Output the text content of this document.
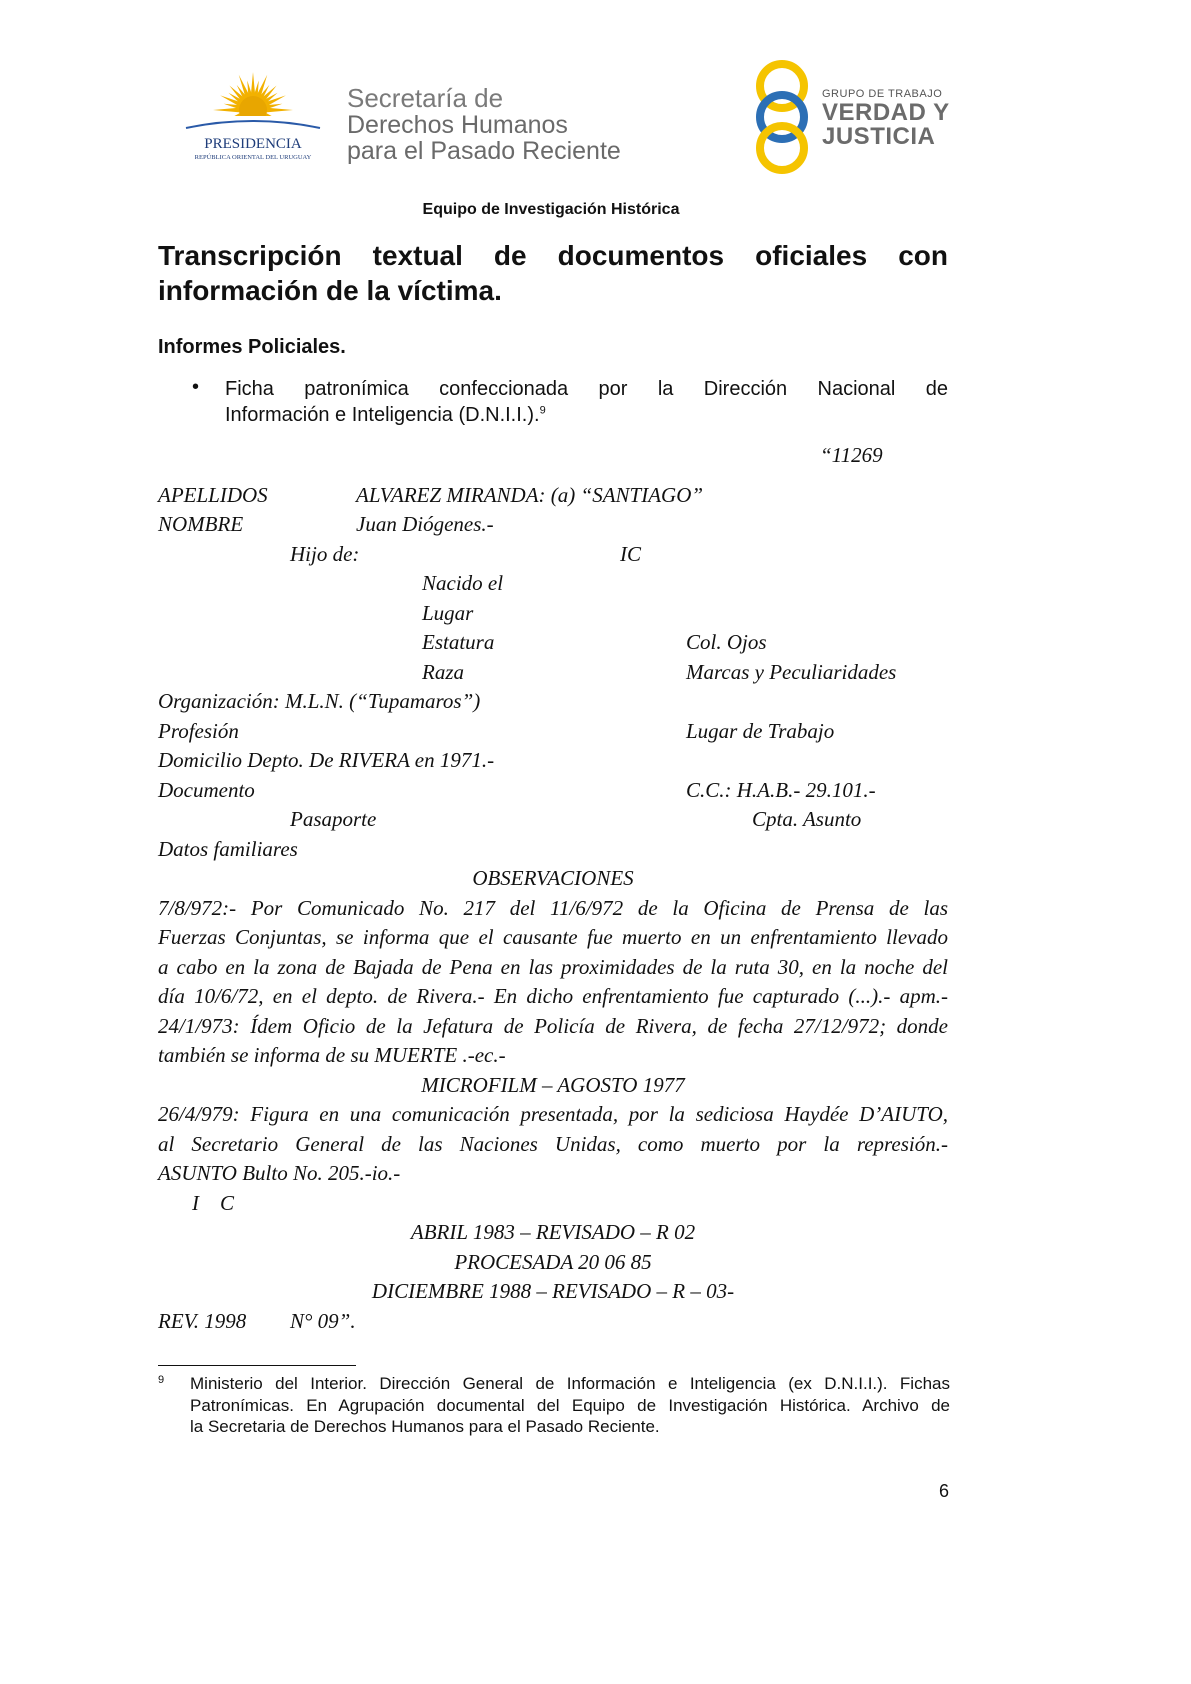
PRESIDENCIA
REPÚBLICA ORIENTAL DEL URUGUAY
Secretaría de
Derechos Humanos
para el Pasado Reciente
GRUPO DE TRABAJO
VERDAD Y
JUSTICIA
Equipo de Investigación Histórica
Transcripción textual de documentos oficiales con
información de la víctima.
Informes Policiales.
• Ficha patronímica confeccionada por la Dirección Nacional de
Información e Inteligencia (D.N.I.I.).$^9$
“11269
APELLIDOS	ALVAREZ MIRANDA: (a) “SANTIAGO”
NOMBRE	Juan Diógenes.-
Hijo de:	IC
Nacido el
Lugar
Estatura	Col. Ojos
Raza	Marcas y Peculiaridades
Organización: M.L.N. (“Tupamaros”)
Profesión	Lugar de Trabajo
Domicilio Depto. De RIVERA en 1971.-
Documento	C.C.: H.A.B.- 29.101.-
Pasaporte	Cpta. Asunto
Datos familiares
OBSERVACIONES
7/8/972:- Por Comunicado No. 217 del 11/6/972 de la Oficina de Prensa de las
Fuerzas Conjuntas, se informa que el causante fue muerto en un enfrentamiento llevado
a cabo en la zona de Bajada de Pena en las proximidades de la ruta 30, en la noche del
día 10/6/72, en el depto. de Rivera.- En dicho enfrentamiento fue capturado (...).- apm.-
24/1/973: Ídem Oficio de la Jefatura de Policía de Rivera, de fecha 27/12/972; donde
también se informa de su MUERTE .-ec.-
MICROFILM – AGOSTO 1977
26/4/979: Figura en una comunicación presentada, por la sediciosa Haydée D’AIUTO,
al Secretario General de las Naciones Unidas, como muerto por la represión.-
ASUNTO Bulto No. 205.-io.-
I    C
ABRIL 1983 – REVISADO – R 02
PROCESADA 20 06 85
DICIEMBRE 1988 – REVISADO – R – 03-
REV. 1998 N° 09”.
9 Ministerio del Interior. Dirección General de Información e Inteligencia (ex D.N.I.I.). Fichas
Patronímicas. En Agrupación documental del Equipo de Investigación Histórica. Archivo de
la Secretaria de Derechos Humanos para el Pasado Reciente.
6
